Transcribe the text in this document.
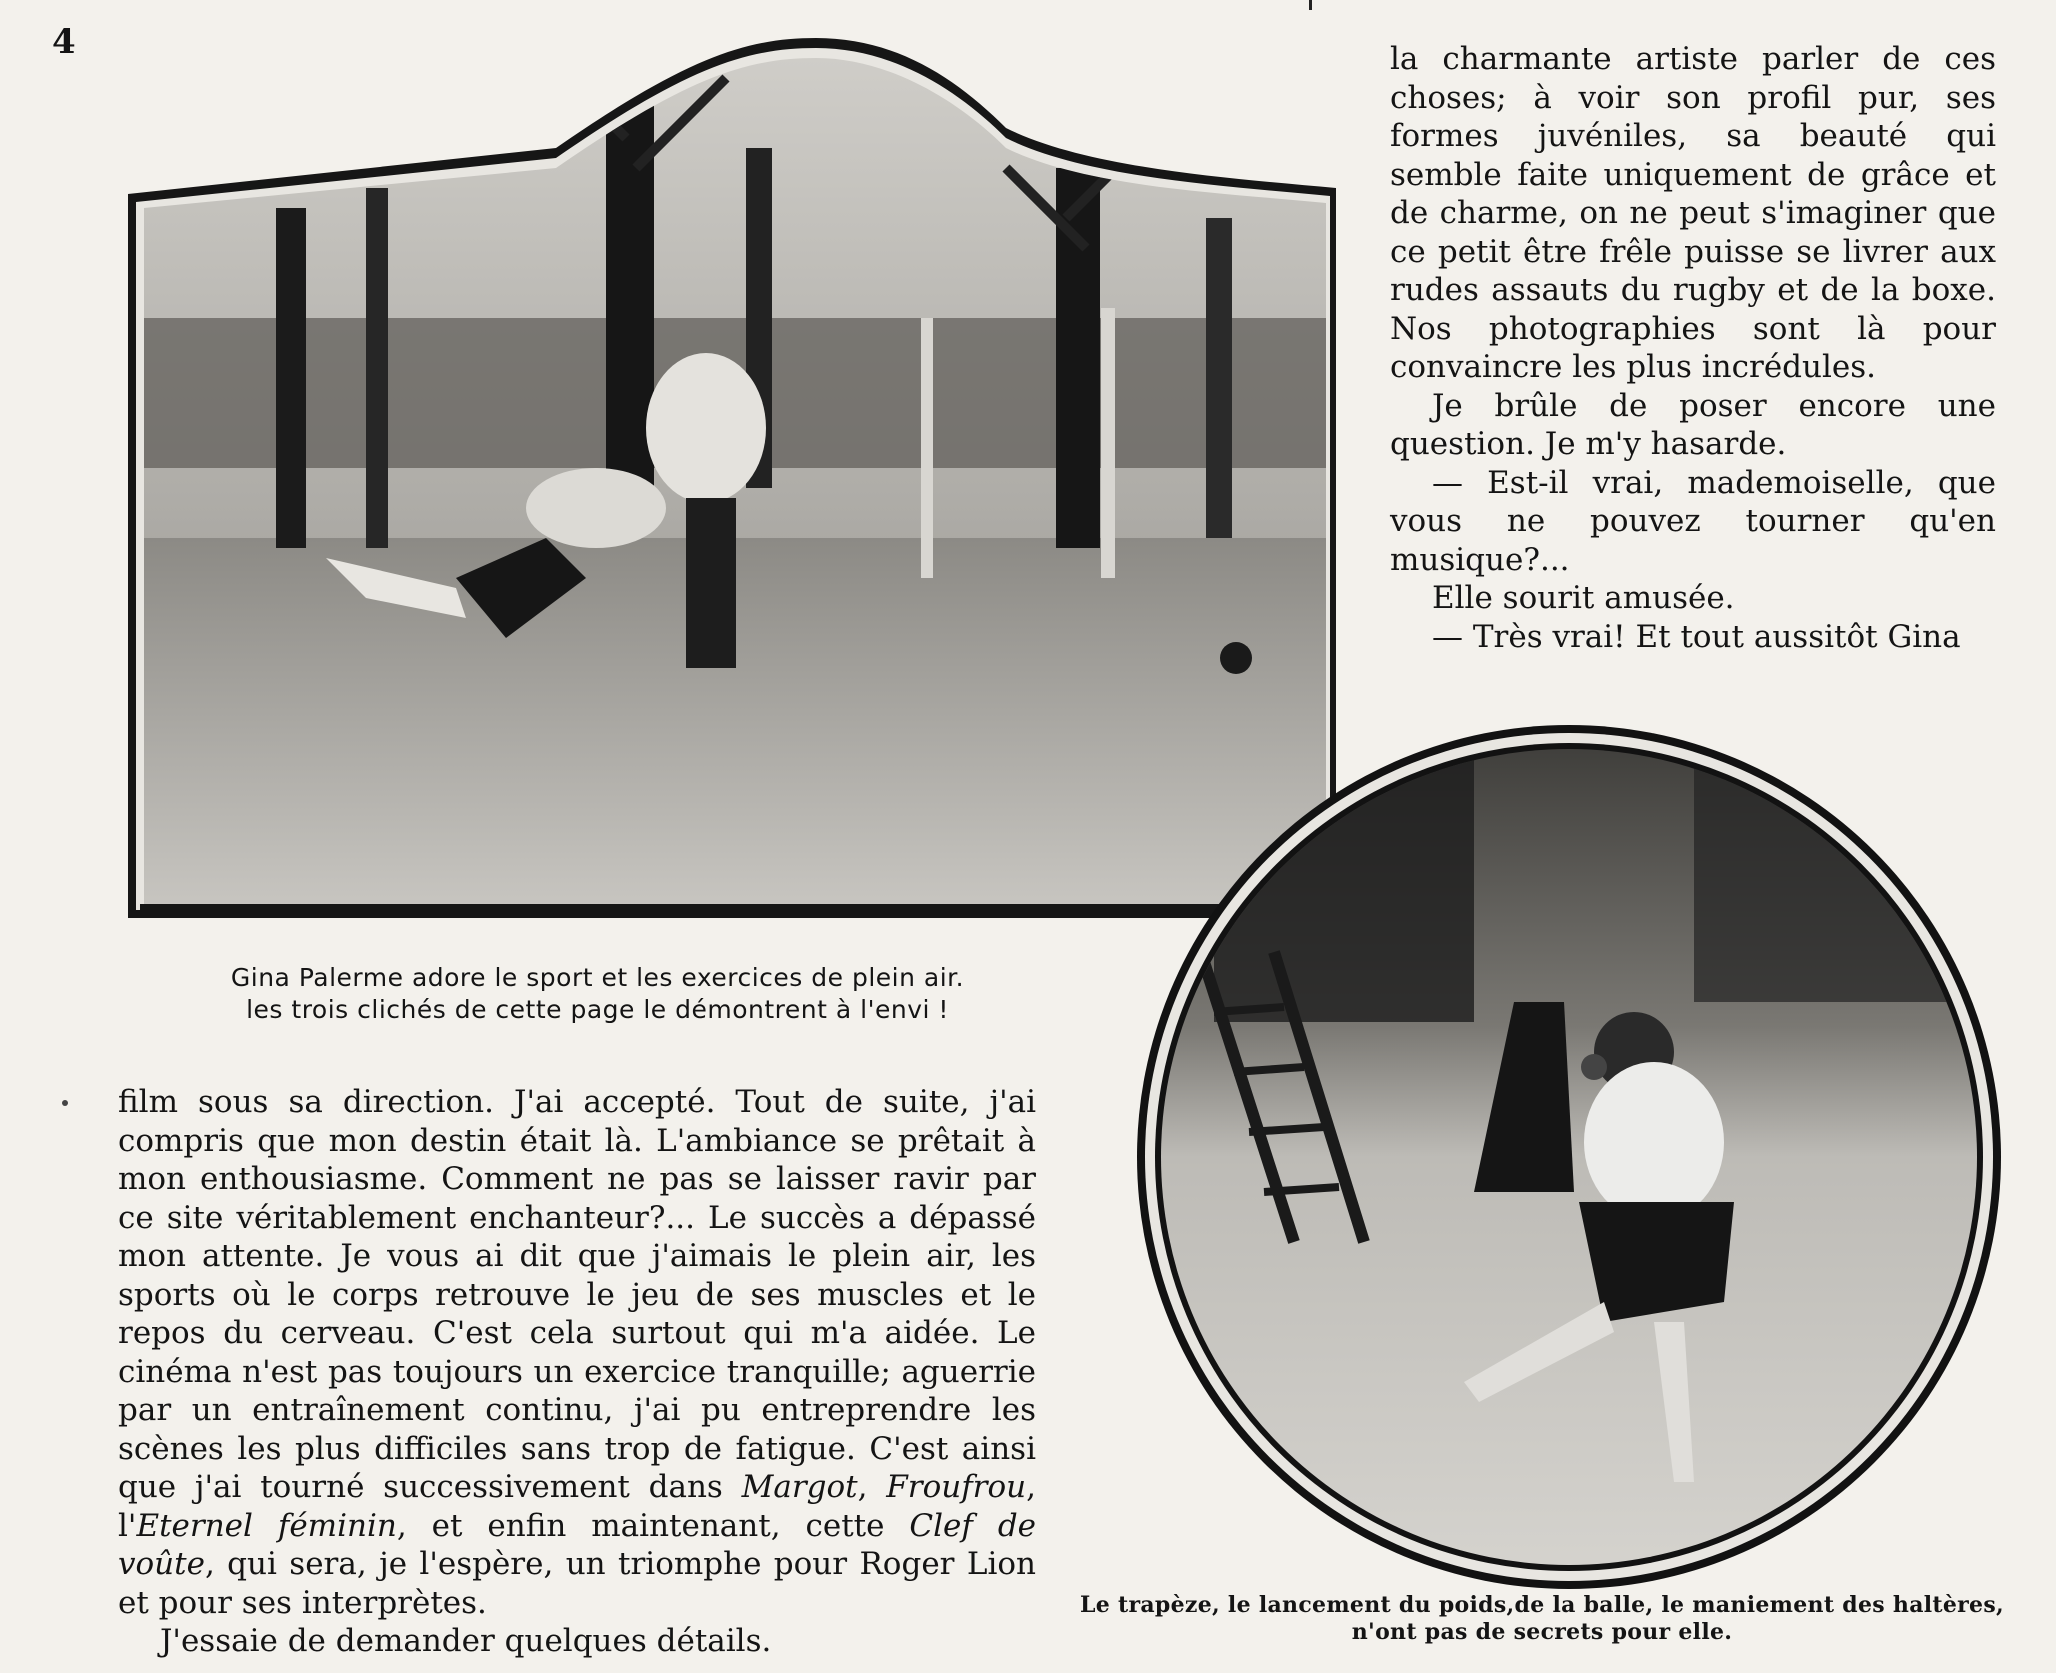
4
Gina Palerme adore le sport et les exercices de plein air.
les trois clichés de cette page le démontrent à l'envi !

la charmante artiste parler de ces choses; à voir son profil pur, ses formes juvéniles, sa beauté qui semble faite uniquement de grâce et de charme, on ne peut s'imaginer que ce petit être frêle puisse se livrer aux rudes assauts du rugby et de la boxe. Nos photographies sont là pour convaincre les plus incrédules.

Je brûle de poser encore une question. Je m'y hasarde.

— Est-il vrai, mademoiselle, que vous ne pouvez tourner qu'en musique?...

Elle sourit amusée.

— Très vrai! Et tout aussitôt Gina

film sous sa direction. J'ai accepté. Tout de suite, j'ai compris que mon destin était là. L'ambiance se prêtait à mon enthousiasme. Comment ne pas se laisser ravir par ce site véritablement enchanteur?... Le succès a dépassé mon attente. Je vous ai dit que j'aimais le plein air, les sports où le corps retrouve le jeu de ses muscles et le repos du cerveau. C'est cela surtout qui m'a aidée. Le cinéma n'est pas toujours un exercice tranquille; aguerrie par un entraînement continu, j'ai pu entreprendre les scènes les plus difficiles sans trop de fatigue. C'est ainsi que j'ai tourné successivement dans Margot, Froufrou, l'Eternel féminin, et enfin maintenant, cette Clef de voûte, qui sera, je l'espère, un triomphe pour Roger Lion et pour ses interprètes.

J'essaie de demander quelques détails.

Le trapèze, le lancement du poids,de la balle, le maniement des haltères,
n'ont pas de secrets pour elle.
